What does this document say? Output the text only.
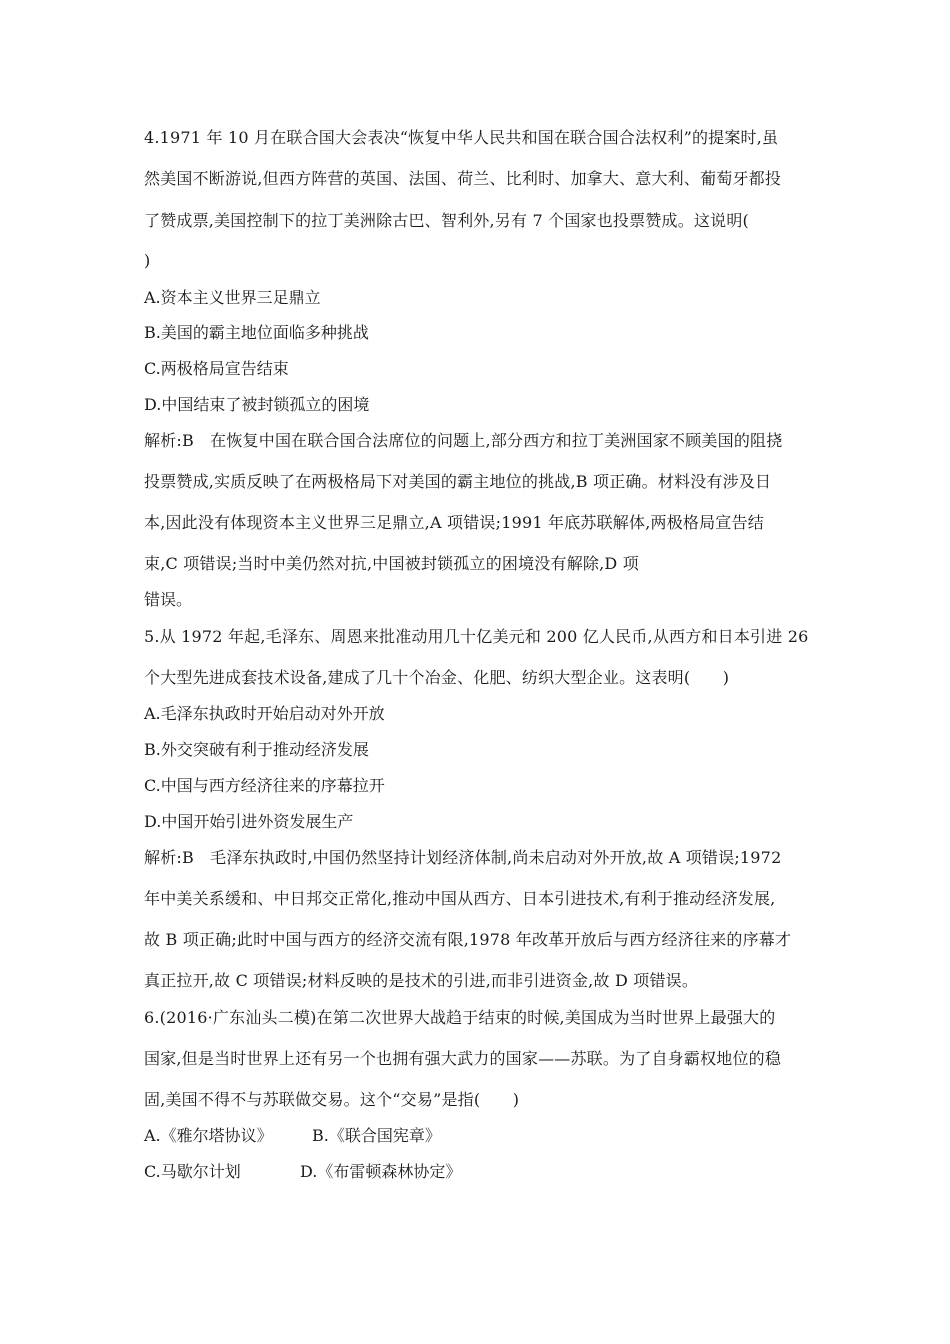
4.1971 年 10 月在联合国大会表决“恢复中华人民共和国在联合国合法权利”的提案时,虽
然美国不断游说,但西方阵营的英国、法国、荷兰、比利时、加拿大、意大利、葡萄牙都投
了赞成票,美国控制下的拉丁美洲除古巴、智利外,另有 7 个国家也投票赞成。这说明(
)
A.资本主义世界三足鼎立
B.美国的霸主地位面临多种挑战
C.两极格局宣告结束
D.中国结束了被封锁孤立的困境
解析:B　在恢复中国在联合国合法席位的问题上,部分西方和拉丁美洲国家不顾美国的阻挠
投票赞成,实质反映了在两极格局下对美国的霸主地位的挑战,B 项正确。材料没有涉及日
本,因此没有体现资本主义世界三足鼎立,A 项错误;1991 年底苏联解体,两极格局宣告结
束,C 项错误;当时中美仍然对抗,中国被封锁孤立的困境没有解除,D 项
错误。
5.从 1972 年起,毛泽东、周恩来批准动用几十亿美元和 200 亿人民币,从西方和日本引进 26
个大型先进成套技术设备,建成了几十个冶金、化肥、纺织大型企业。这表明(　　)
A.毛泽东执政时开始启动对外开放
B.外交突破有利于推动经济发展
C.中国与西方经济往来的序幕拉开
D.中国开始引进外资发展生产
解析:B　毛泽东执政时,中国仍然坚持计划经济体制,尚未启动对外开放,故 A 项错误;1972
年中美关系缓和、中日邦交正常化,推动中国从西方、日本引进技术,有利于推动经济发展,
故 B 项正确;此时中国与西方的经济交流有限,1978 年改革开放后与西方经济往来的序幕才
真正拉开,故 C 项错误;材料反映的是技术的引进,而非引进资金,故 D 项错误。
6.(2016·广东汕头二模)在第二次世界大战趋于结束的时候,美国成为当时世界上最强大的
国家,但是当时世界上还有另一个也拥有强大武力的国家——苏联。为了自身霸权地位的稳
固,美国不得不与苏联做交易。这个“交易”是指(　　)
A.《雅尔塔协议》 B.《联合国宪章》
C.马歇尔计划	D.《布雷顿森林协定》
